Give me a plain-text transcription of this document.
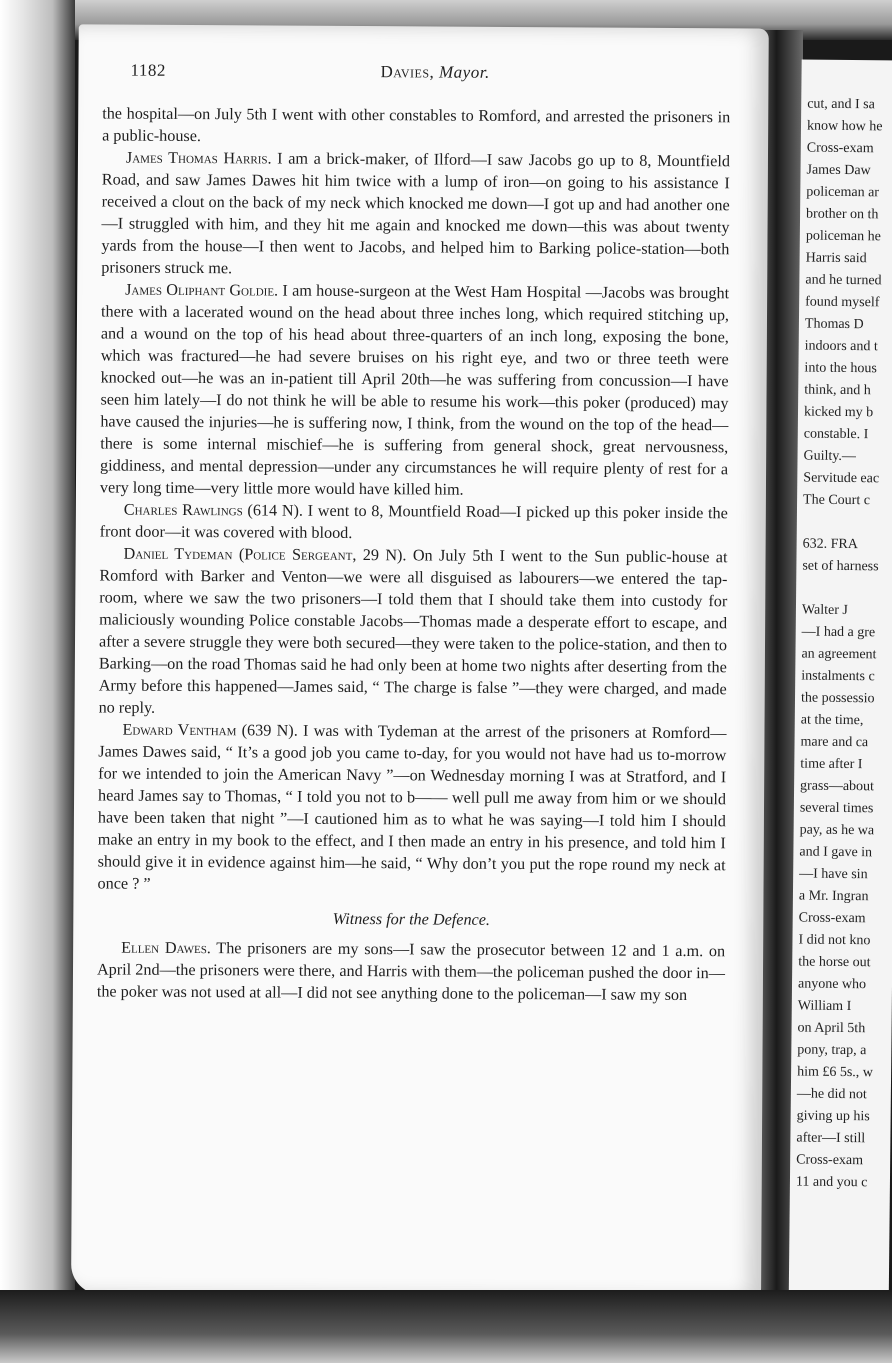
cut, and I sa
know how he
Cross-exam
James Daw
policeman ar
brother on th
policeman he
Harris said
and he turned
found myself
Thomas D
indoors and t
into the hous
think, and h
kicked my b
constable. I
Guilty.—
Servitude eac
The Court c
632. FRA
set of harness
Walter J
—I had a gre
an agreement
instalments c
the possessio
at the time,
mare and ca
time after I
grass—about
several times
pay, as he wa
and I gave in
—I have sin
a Mr. Ingran
Cross-exam
I did not kno
the horse out
anyone who
William I
on April 5th
pony, trap, a
him £6 5s., w
—he did not
giving up his
after—I still
Cross-exam
11 and you c
1182	Davies, Mayor.

the hospital—on July 5th I went with other constables to Romford, and arrested the prisoners in a public-house.

James Thomas Harris. I am a brick-maker, of Ilford—I saw Jacobs go up to 8, Mountfield Road, and saw James Dawes hit him twice with a lump of iron—on going to his assistance I received a clout on the back of my neck which knocked me down—I got up and had another one—I struggled with him, and they hit me again and knocked me down—this was about twenty yards from the house—I then went to Jacobs, and helped him to Barking police-station—both prisoners struck me.

James Oliphant Goldie. I am house-surgeon at the West Ham Hospital —Jacobs was brought there with a lacerated wound on the head about three inches long, which required stitching up, and a wound on the top of his head about three-quarters of an inch long, exposing the bone, which was fractured—he had severe bruises on his right eye, and two or three teeth were knocked out—he was an in-patient till April 20th—he was suffering from concussion—I have seen him lately—I do not think he will be able to resume his work—this poker (produced) may have caused the injuries—he is suffering now, I think, from the wound on the top of the head—there is some internal mischief—he is suffering from general shock, great nervousness, giddiness, and mental depression—under any circumstances he will require plenty of rest for a very long time—very little more would have killed him.

Charles Rawlings (614 N). I went to 8, Mountfield Road—I picked up this poker inside the front door—it was covered with blood.

Daniel Tydeman (Police Sergeant, 29 N). On July 5th I went to the Sun public-house at Romford with Barker and Venton—we were all disguised as labourers—we entered the tap-room, where we saw the two prisoners—I told them that I should take them into custody for maliciously wounding Police constable Jacobs—Thomas made a desperate effort to escape, and after a severe struggle they were both secured—they were taken to the police-station, and then to Barking—on the road Thomas said he had only been at home two nights after deserting from the Army before this happened—James said, “ The charge is false ”—they were charged, and made no reply.

Edward Ventham (639 N). I was with Tydeman at the arrest of the prisoners at Romford—James Dawes said, “ It’s a good job you came to-day, for you would not have had us to-morrow for we intended to join the American Navy ”—on Wednesday morning I was at Stratford, and I heard James say to Thomas, “ I told you not to b—— well pull me away from him or we should have been taken that night ”—I cautioned him as to what he was saying—I told him I should make an entry in my book to the effect, and I then made an entry in his presence, and told him I should give it in evidence against him—he said, “ Why don’t you put the rope round my neck at once ? ”

Witness for the Defence.

Ellen Dawes. The prisoners are my sons—I saw the prosecutor between 12 and 1 a.m. on April 2nd—the prisoners were there, and Harris with them—the policeman pushed the door in—the poker was not used at all—I did not see anything done to the policeman—I saw my son
